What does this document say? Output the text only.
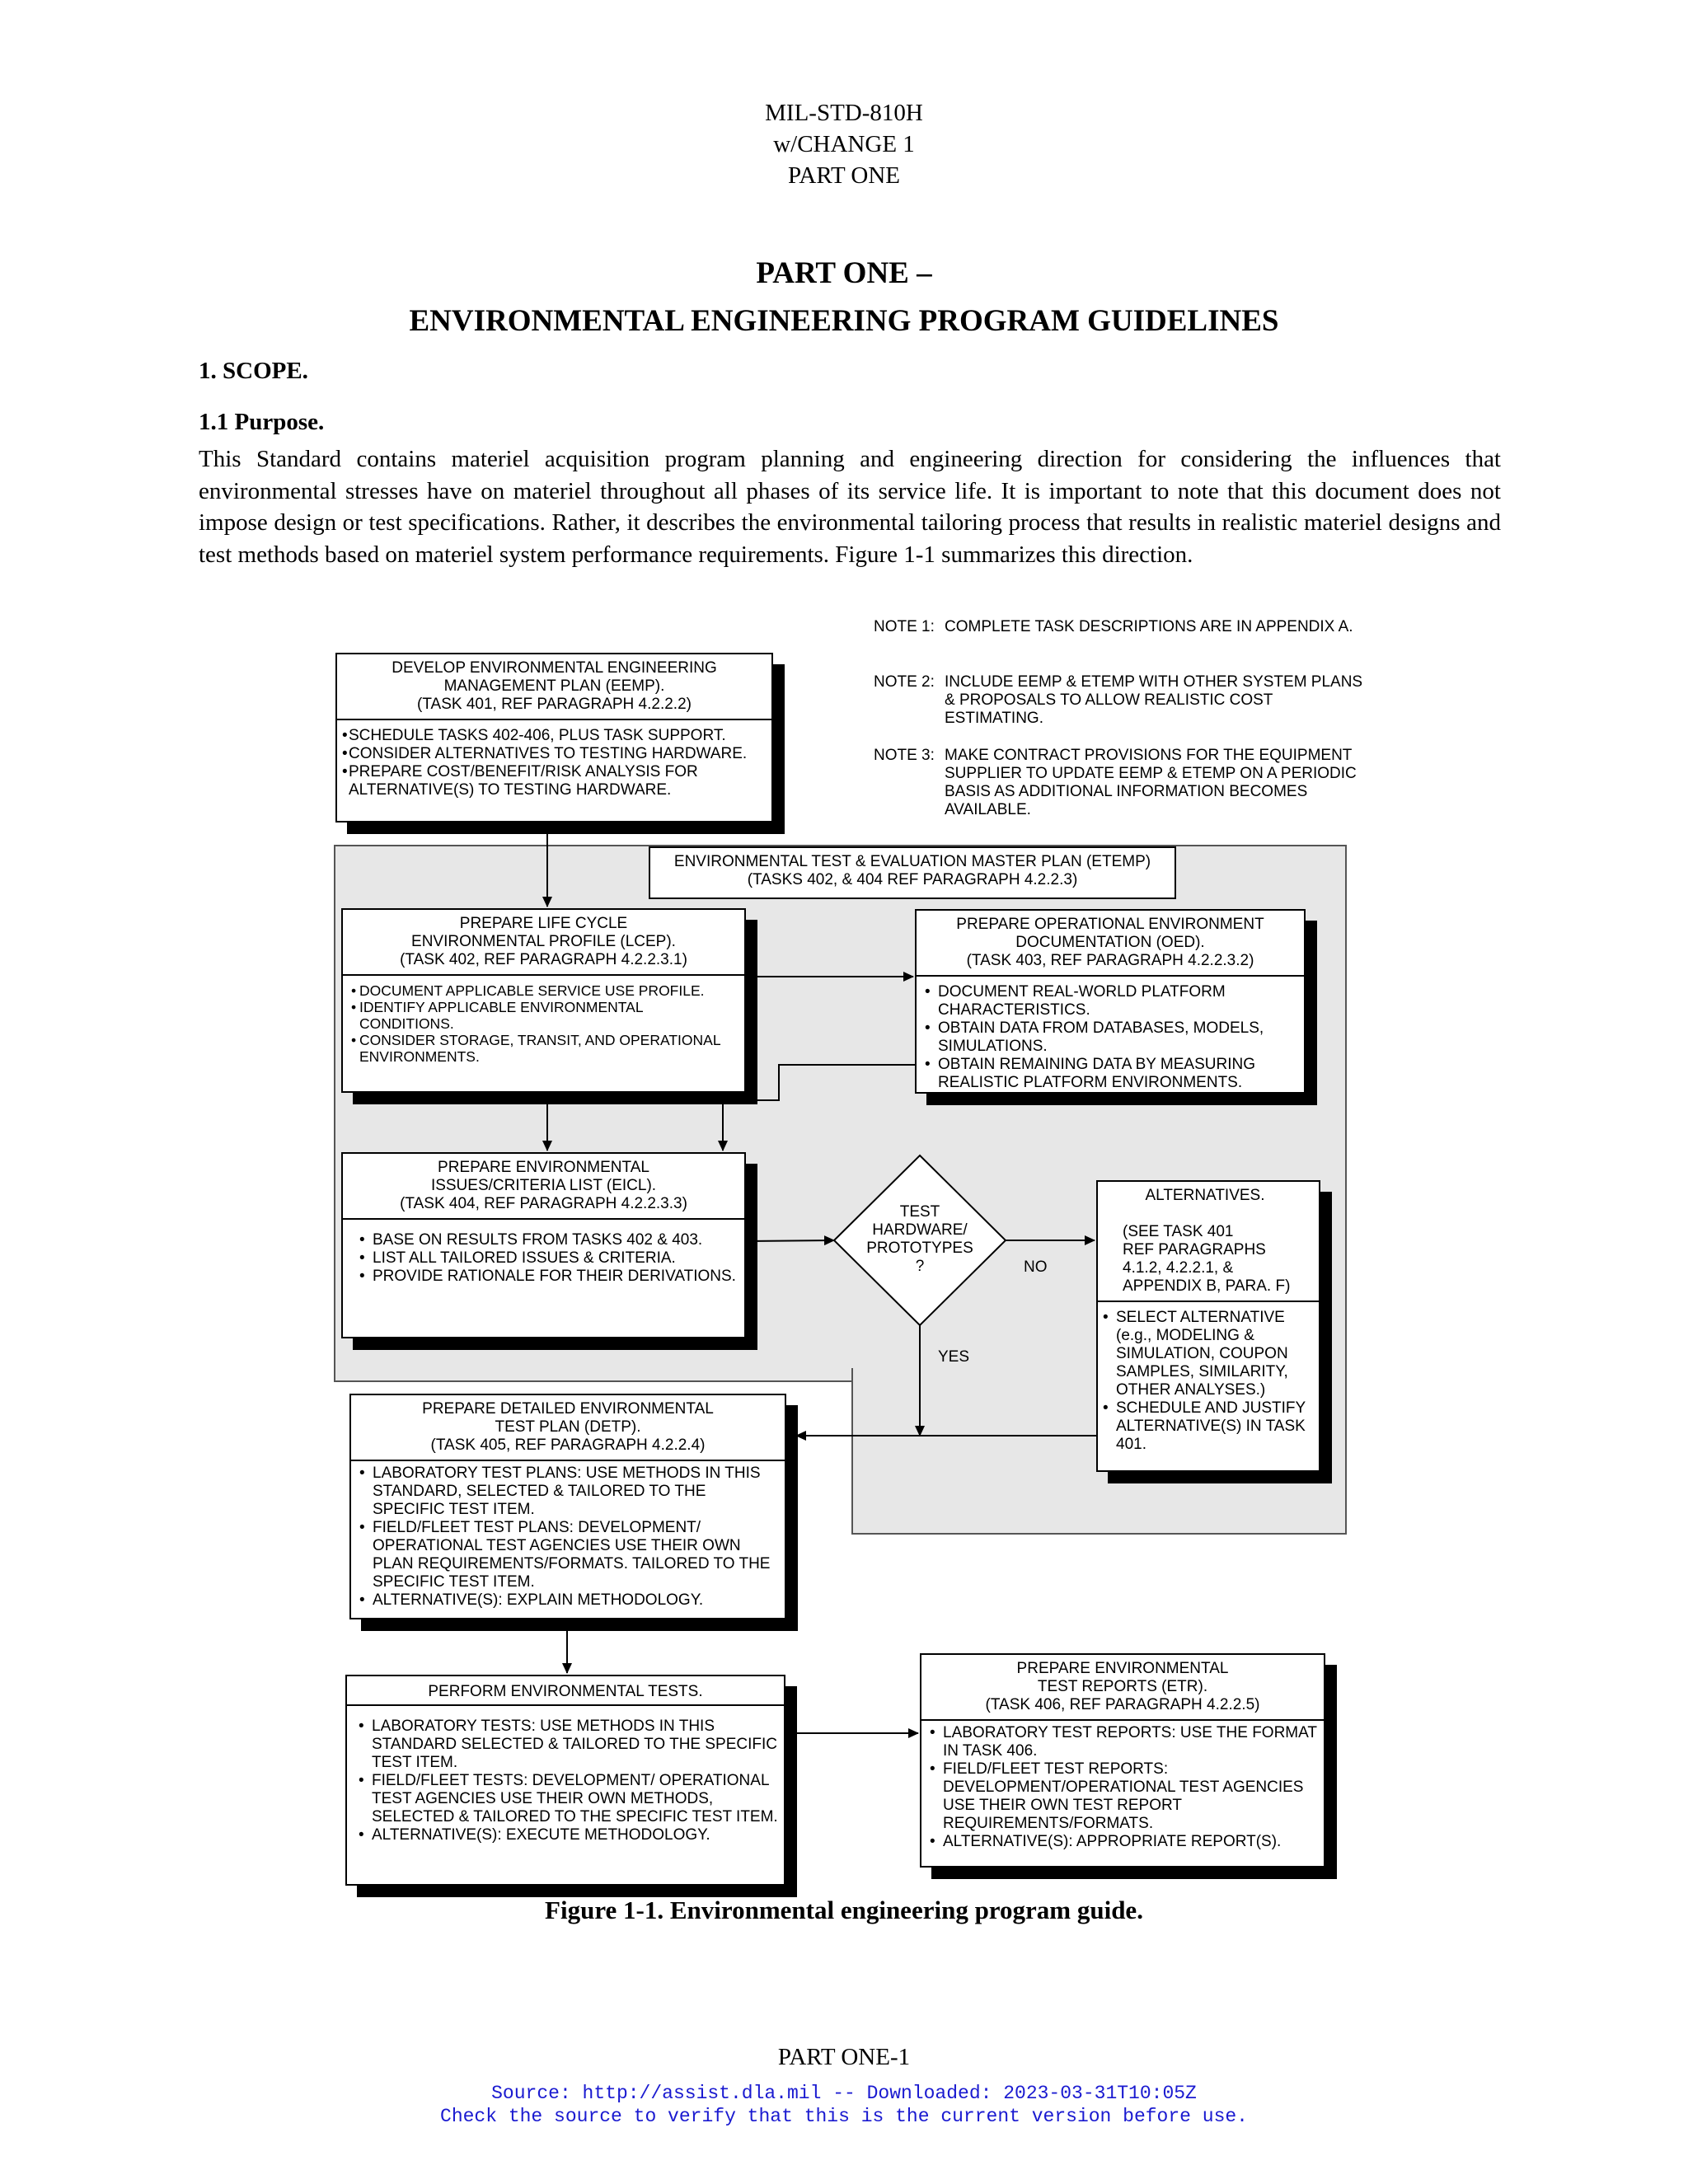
MIL-STD-810H
w/CHANGE 1
PART ONE
PART ONE –
ENVIRONMENTAL ENGINEERING PROGRAM GUIDELINES
1. SCOPE.
1.1 Purpose.
This Standard contains materiel acquisition program planning and engineering direction for considering the influences that environmental stresses have on materiel throughout all phases of its service life. It is important to note that this document does not impose design or test specifications. Rather, it describes the environmental tailoring process that results in realistic materiel designs and test methods based on materiel system performance requirements. Figure 1-1 summarizes this direction.
NOTE 1: COMPLETE TASK DESCRIPTIONS ARE IN APPENDIX A.
NOTE 2: INCLUDE EEMP & ETEMP WITH OTHER SYSTEM PLANS & PROPOSALS TO ALLOW REALISTIC COST ESTIMATING.
NOTE 3: MAKE CONTRACT PROVISIONS FOR THE EQUIPMENT SUPPLIER TO UPDATE EEMP & ETEMP ON A PERIODIC BASIS AS ADDITIONAL INFORMATION BECOMES AVAILABLE.
DEVELOP ENVIRONMENTAL ENGINEERING
MANAGEMENT PLAN (EEMP).
(TASK 401, REF PARAGRAPH 4.2.2.2)
• SCHEDULE TASKS 402-406, PLUS TASK SUPPORT.
• CONSIDER ALTERNATIVES TO TESTING HARDWARE.
• PREPARE COST/BENEFIT/RISK ANALYSIS FOR ALTERNATIVE(S) TO TESTING HARDWARE.
ENVIRONMENTAL TEST & EVALUATION MASTER PLAN (ETEMP)
(TASKS 402, & 404 REF PARAGRAPH 4.2.2.3)
PREPARE LIFE CYCLE
ENVIRONMENTAL PROFILE (LCEP).
(TASK 402, REF PARAGRAPH 4.2.2.3.1)
• DOCUMENT APPLICABLE SERVICE USE PROFILE.
• IDENTIFY APPLICABLE ENVIRONMENTAL CONDITIONS.
• CONSIDER STORAGE, TRANSIT, AND OPERATIONAL ENVIRONMENTS.
PREPARE OPERATIONAL ENVIRONMENT
DOCUMENTATION (OED).
(TASK 403, REF PARAGRAPH 4.2.2.3.2)
• DOCUMENT REAL-WORLD PLATFORM CHARACTERISTICS.
• OBTAIN DATA FROM DATABASES, MODELS, SIMULATIONS.
• OBTAIN REMAINING DATA BY MEASURING REALISTIC PLATFORM ENVIRONMENTS.
PREPARE ENVIRONMENTAL
ISSUES/CRITERIA LIST (EICL).
(TASK 404, REF PARAGRAPH 4.2.2.3.3)
• BASE ON RESULTS FROM TASKS 402 & 403.
• LIST ALL TAILORED ISSUES & CRITERIA.
• PROVIDE RATIONALE FOR THEIR DERIVATIONS.
TEST
HARDWARE/
PROTOTYPES
?	NO
YES
ALTERNATIVES.
(SEE TASK 401
REF PARAGRAPHS
4.1.2, 4.2.2.1, &
APPENDIX B, PARA. F)
• SELECT ALTERNATIVE (e.g., MODELING & SIMULATION, COUPON SAMPLES, SIMILARITY, OTHER ANALYSES.)
• SCHEDULE AND JUSTIFY ALTERNATIVE(S) IN TASK 401.
PREPARE DETAILED ENVIRONMENTAL
TEST PLAN (DETP).
(TASK 405, REF PARAGRAPH 4.2.2.4)
• LABORATORY TEST PLANS: USE METHODS IN THIS STANDARD, SELECTED & TAILORED TO THE SPECIFIC TEST ITEM.
• FIELD/FLEET TEST PLANS: DEVELOPMENT/ OPERATIONAL TEST AGENCIES USE THEIR OWN PLAN REQUIREMENTS/FORMATS. TAILORED TO THE SPECIFIC TEST ITEM.
• ALTERNATIVE(S): EXPLAIN METHODOLOGY.
PERFORM ENVIRONMENTAL TESTS.
• LABORATORY TESTS: USE METHODS IN THIS STANDARD SELECTED & TAILORED TO THE SPECIFIC TEST ITEM.
• FIELD/FLEET TESTS: DEVELOPMENT/ OPERATIONAL TEST AGENCIES USE THEIR OWN METHODS, SELECTED & TAILORED TO THE SPECIFIC TEST ITEM.
• ALTERNATIVE(S): EXECUTE METHODOLOGY.
PREPARE ENVIRONMENTAL
TEST REPORTS (ETR).
(TASK 406, REF PARAGRAPH 4.2.2.5)
• LABORATORY TEST REPORTS: USE THE FORMAT IN TASK 406.
• FIELD/FLEET TEST REPORTS: DEVELOPMENT/OPERATIONAL TEST AGENCIES USE THEIR OWN TEST REPORT REQUIREMENTS/FORMATS.
• ALTERNATIVE(S): APPROPRIATE REPORT(S).
Figure 1-1. Environmental engineering program guide.
PART ONE-1
Source: http://assist.dla.mil -- Downloaded: 2023-03-31T10:05Z
Check the source to verify that this is the current version before use.
